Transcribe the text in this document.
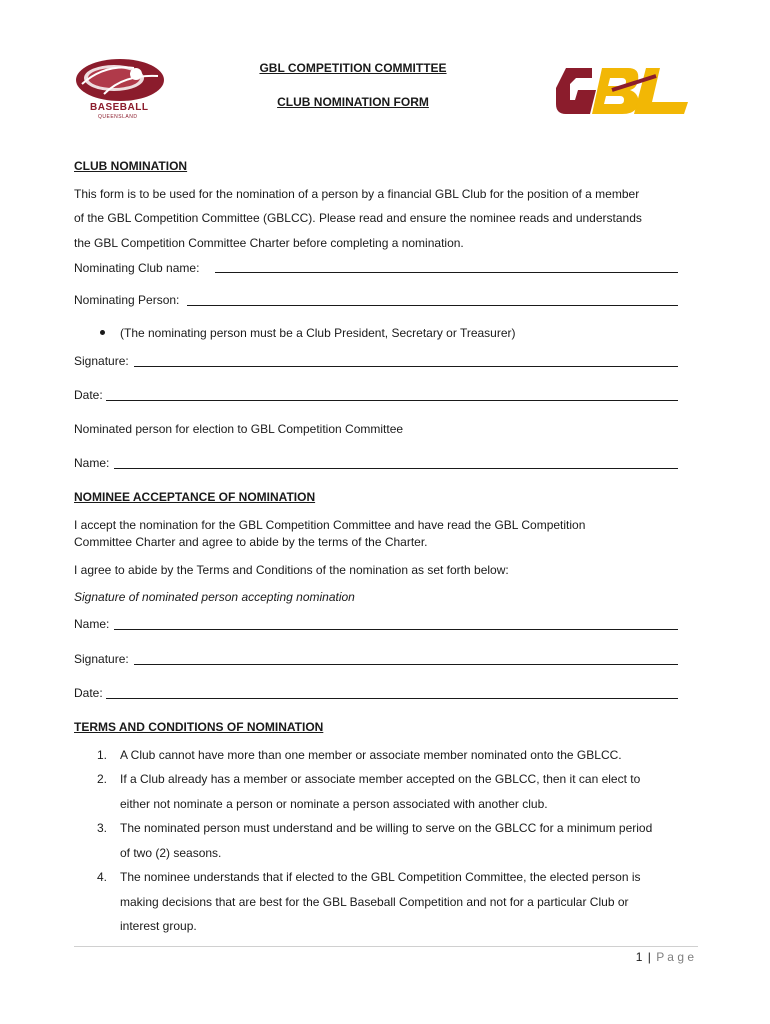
BASEBALL
QUEENSLAND
GBL COMPETITION COMMITTEE
CLUB NOMINATION FORM
CLUB NOMINATION
This form is to be used for the nomination of a person by a financial GBL Club for the position of a member
of the GBL Competition Committee (GBLCC). Please read and ensure the nominee reads and understands
the GBL Competition Committee Charter before completing a nomination.
Nominating Club name:
Nominating Person:
(The nominating person must be a Club President, Secretary or Treasurer)
Signature:
Date:
Nominated person for election to GBL Competition Committee
Name:
NOMINEE ACCEPTANCE OF NOMINATION
I accept the nomination for the GBL Competition Committee and have read the GBL Competition
Committee Charter and agree to abide by the terms of the Charter.
I agree to abide by the Terms and Conditions of the nomination as set forth below:
Signature of nominated person accepting nomination
Name:
Signature:
Date:
TERMS AND CONDITIONS OF NOMINATION
1. A Club cannot have more than one member or associate member nominated onto the GBLCC.
2. If a Club already has a member or associate member accepted on the GBLCC, then it can elect to
either not nominate a person or nominate a person associated with another club.
3. The nominated person must understand and be willing to serve on the GBLCC for a minimum period
of two (2) seasons.
4. The nominee understands that if elected to the GBL Competition Committee, the elected person is
making decisions that are best for the GBL Baseball Competition and not for a particular Club or
interest group.
1 | P a g e
